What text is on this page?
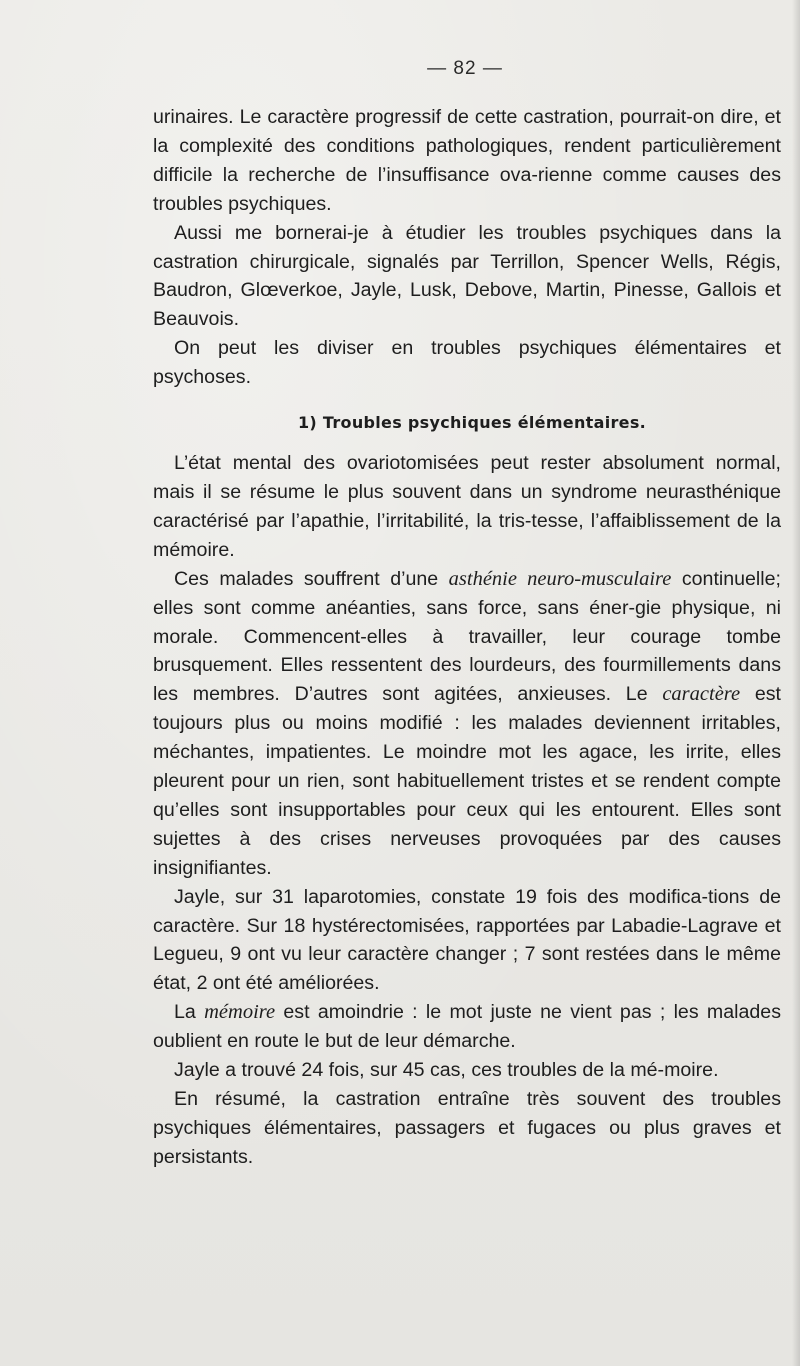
— 82 —

urinaires. Le caractère progressif de cette castration, pourrait-on dire, et la complexité des conditions pathologiques, rendent particulièrement difficile la recherche de l’insuffisance ova-rienne comme causes des troubles psychiques.

Aussi me bornerai-je à étudier les troubles psychiques dans la castration chirurgicale, signalés par Terrillon, Spencer Wells, Régis, Baudron, Glœverkoe, Jayle, Lusk, Debove, Martin, Pinesse, Gallois et Beauvois.

On peut les diviser en troubles psychiques élémentaires et psychoses.

1) Troubles psychiques élémentaires.

L’état mental des ovariotomisées peut rester absolument normal, mais il se résume le plus souvent dans un syndrome neurasthénique caractérisé par l’apathie, l’irritabilité, la tris-tesse, l’affaiblissement de la mémoire.

Ces malades souffrent d’une asthénie neuro-musculaire continuelle; elles sont comme anéanties, sans force, sans éner-gie physique, ni morale. Commencent-elles à travailler, leur courage tombe brusquement. Elles ressentent des lourdeurs, des fourmillements dans les membres. D’autres sont agitées, anxieuses. Le caractère est toujours plus ou moins modifié : les malades deviennent irritables, méchantes, impatientes. Le moindre mot les agace, les irrite, elles pleurent pour un rien, sont habituellement tristes et se rendent compte qu’elles sont insupportables pour ceux qui les entourent. Elles sont sujettes à des crises nerveuses provoquées par des causes insignifiantes.

Jayle, sur 31 laparotomies, constate 19 fois des modifica-tions de caractère. Sur 18 hystérectomisées, rapportées par Labadie-Lagrave et Legueu, 9 ont vu leur caractère changer ; 7 sont restées dans le même état, 2 ont été améliorées.

La mémoire est amoindrie : le mot juste ne vient pas ; les malades oublient en route le but de leur démarche.

Jayle a trouvé 24 fois, sur 45 cas, ces troubles de la mé-moire.

En résumé, la castration entraîne très souvent des troubles psychiques élémentaires, passagers et fugaces ou plus graves et persistants.
